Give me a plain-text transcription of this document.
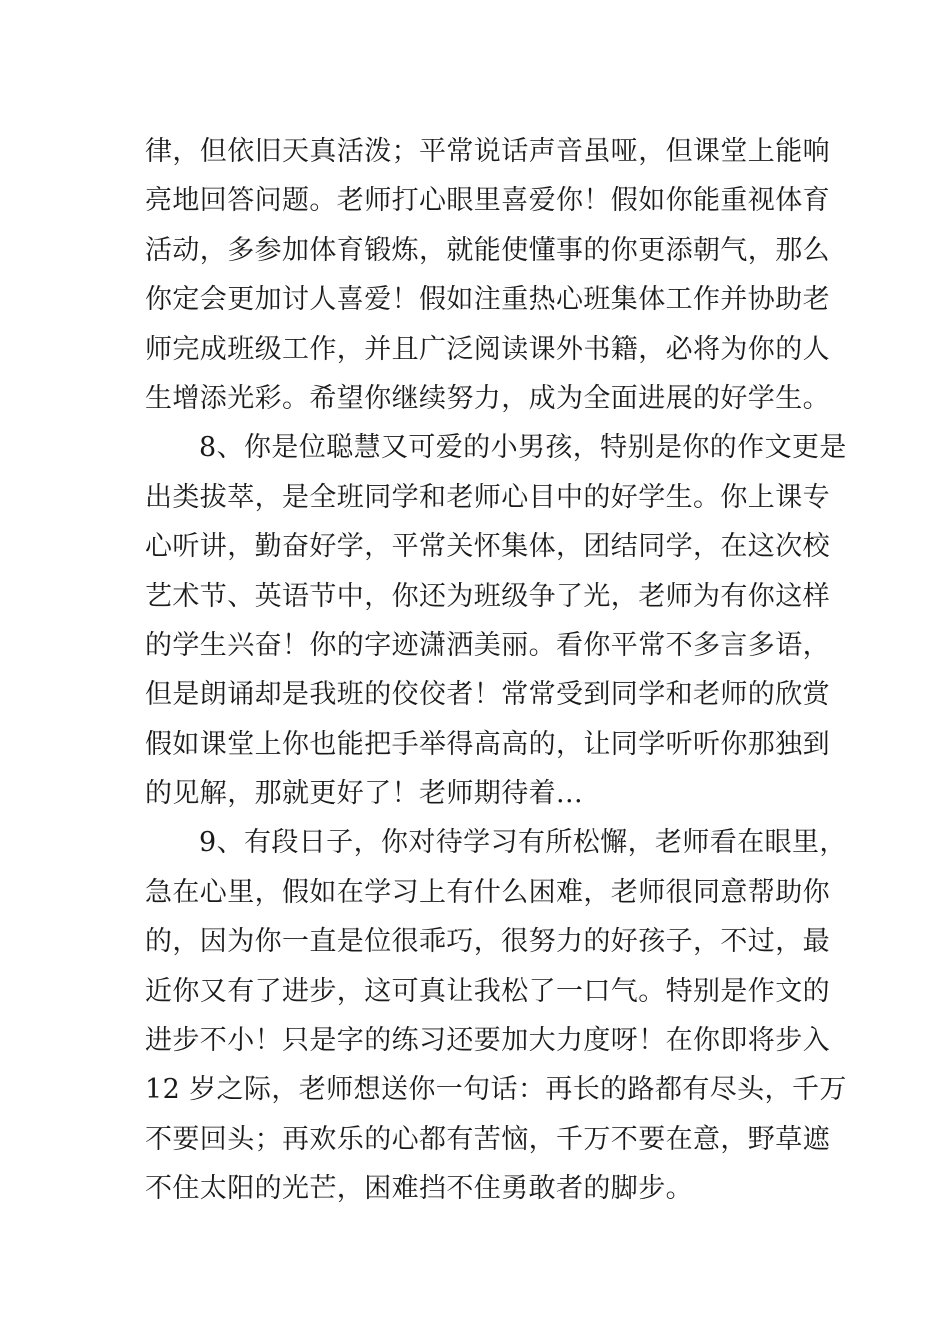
律，但依旧天真活泼；平常说话声音虽哑，但课堂上能响
亮地回答问题。老师打心眼里喜爱你！假如你能重视体育
活动，多参加体育锻炼，就能使懂事的你更添朝气，那么
你定会更加讨人喜爱！假如注重热心班集体工作并协助老
师完成班级工作，并且广泛阅读课外书籍，必将为你的人
生增添光彩。希望你继续努力，成为全面进展的好学生。
8、你是位聪慧又可爱的小男孩，特别是你的作文更是
出类拔萃，是全班同学和老师心目中的好学生。你上课专
心听讲，勤奋好学，平常关怀集体，团结同学，在这次校
艺术节、英语节中，你还为班级争了光，老师为有你这样
的学生兴奋！你的字迹潇洒美丽。看你平常不多言多语，
但是朗诵却是我班的佼佼者！常常受到同学和老师的欣赏
假如课堂上你也能把手举得高高的，让同学听听你那独到
的见解，那就更好了！老师期待着...
9、有段日子，你对待学习有所松懈，老师看在眼里，
急在心里，假如在学习上有什么困难，老师很同意帮助你
的，因为你一直是位很乖巧，很努力的好孩子，不过，最
近你又有了进步，这可真让我松了一口气。特别是作文的
进步不小！只是字的练习还要加大力度呀！在你即将步入
12 岁之际，老师想送你一句话：再长的路都有尽头，千万
不要回头；再欢乐的心都有苦恼，千万不要在意，野草遮
不住太阳的光芒，困难挡不住勇敢者的脚步。
